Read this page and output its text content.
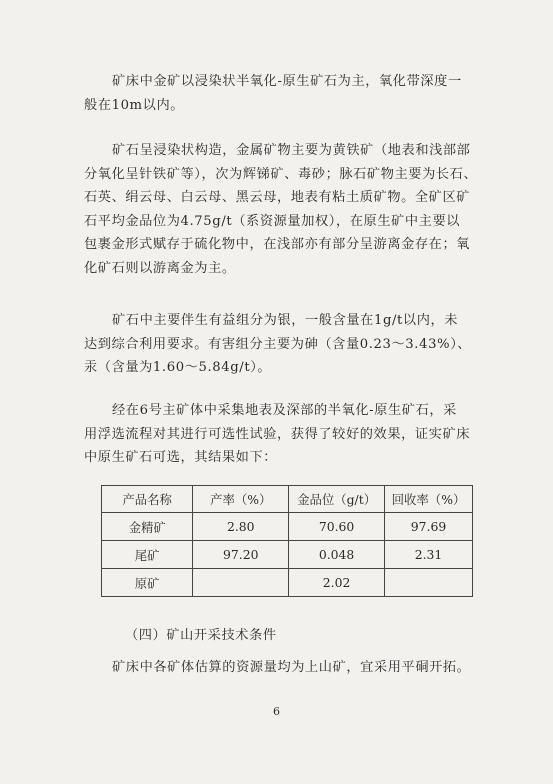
矿床中金矿以浸染状半氧化-原生矿石为主，氧化带深度一
般在10m以内。

矿石呈浸染状构造，金属矿物主要为黄铁矿（地表和浅部部
分氧化呈针铁矿等），次为辉锑矿、毒砂；脉石矿物主要为长石、
石英、绢云母、白云母、黑云母，地表有粘土质矿物。全矿区矿
石平均金品位为4.75g/t（系资源量加权），在原生矿中主要以
包裹金形式赋存于硫化物中，在浅部亦有部分呈游离金存在；氧
化矿石则以游离金为主。

矿石中主要伴生有益组分为银，一般含量在1g/t以内，未
达到综合利用要求。有害组分主要为砷（含量0.23～3.43%）、
汞（含量为1.60～5.84g/t）。

经在6号主矿体中采集地表及深部的半氧化-原生矿石，采
用浮选流程对其进行可选性试验，获得了较好的效果，证实矿床
中原生矿石可选，其结果如下：

产品名称	产率（%）	金品位（g/t）	回收率（%）
金精矿	2.80	70.60	97.69
尾矿	97.20	0.048	2.31
原矿		2.02	

（四）矿山开采技术条件

矿床中各矿体估算的资源量均为上山矿，宜采用平硐开拓。

6
